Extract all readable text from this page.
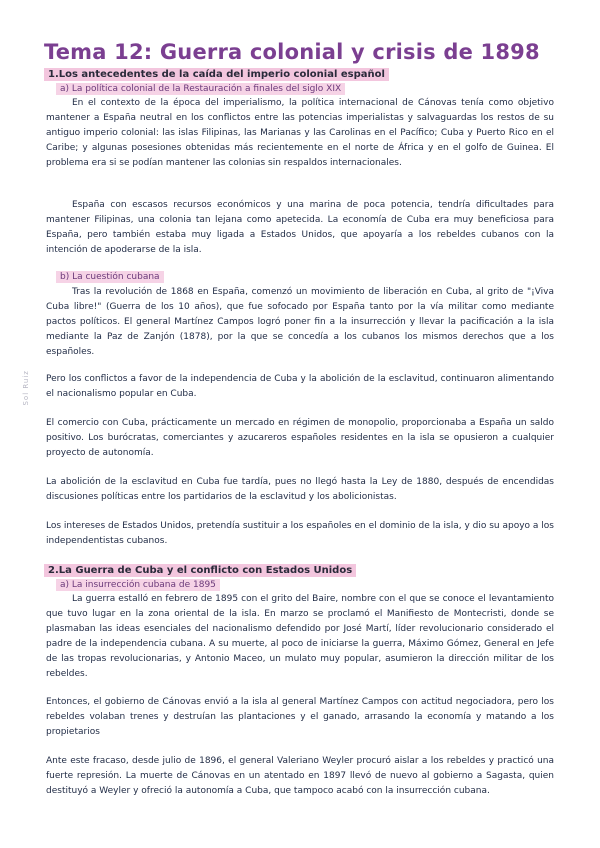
Tema 12: Guerra colonial y crisis de 1898
1.Los antecedentes de la caída del imperio colonial español
a) La política colonial de la Restauración a finales del siglo XIX

En el contexto de la época del imperialismo, la política internacional de Cánovas tenía como objetivo mantener a España neutral en los conflictos entre las potencias imperialistas y salvaguardas los restos de su antiguo imperio colonial: las islas Filipinas, las Marianas y las Carolinas en el Pacífico; Cuba y Puerto Rico en el Caribe; y algunas posesiones obtenidas más recientemente en el norte de África y en el golfo de Guinea. El problema era si se podían mantener las colonias sin respaldos internacionales.

España con escasos recursos económicos y una marina de poca potencia, tendría dificultades para mantener Filipinas, una colonia tan lejana como apetecida. La economía de Cuba era muy beneficiosa para España, pero también estaba muy ligada a Estados Unidos, que apoyaría a los rebeldes cubanos con la intención de apoderarse de la isla.

b) La cuestión cubana

Tras la revolución de 1868 en España, comenzó un movimiento de liberación en Cuba, al grito de "¡Viva Cuba libre!" (Guerra de los 10 años), que fue sofocado por España tanto por la vía militar como mediante pactos políticos. El general Martínez Campos logró poner fin a la insurrección y llevar la pacificación a la isla mediante la Paz de Zanjón (1878), por la que se concedía a los cubanos los mismos derechos que a los españoles.

Pero los conflictos a favor de la independencia de Cuba y la abolición de la esclavitud, continuaron alimentando el nacionalismo popular en Cuba.

El comercio con Cuba, prácticamente un mercado en régimen de monopolio, proporcionaba a España un saldo positivo. Los burócratas, comerciantes y azucareros españoles residentes en la isla se opusieron a cualquier proyecto de autonomía.

La abolición de la esclavitud en Cuba fue tardía, pues no llegó hasta la Ley de 1880, después de encendidas discusiones políticas entre los partidarios de la esclavitud y los abolicionistas.

Los intereses de Estados Unidos, pretendía sustituir a los españoles en el dominio de la isla, y dio su apoyo a los independentistas cubanos.

2.La Guerra de Cuba y el conflicto con Estados Unidos
a) La insurrección cubana de 1895

La guerra estalló en febrero de 1895 con el grito del Baire, nombre con el que se conoce el levantamiento que tuvo lugar en la zona oriental de la isla. En marzo se proclamó el Manifiesto de Montecristi, donde se plasmaban las ideas esenciales del nacionalismo defendido por José Martí, líder revolucionario considerado el padre de la independencia cubana. A su muerte, al poco de iniciarse la guerra, Máximo Gómez, General en Jefe de las tropas revolucionarias, y Antonio Maceo, un mulato muy popular, asumieron la dirección militar de los rebeldes.

Entonces, el gobierno de Cánovas envió a la isla al general Martínez Campos con actitud negociadora, pero los rebeldes volaban trenes y destruían las plantaciones y el ganado, arrasando la economía y matando a los propietarios

Ante este fracaso, desde julio de 1896, el general Valeriano Weyler procuró aislar a los rebeldes y practicó una fuerte represión. La muerte de Cánovas en un atentado en 1897 llevó de nuevo al gobierno a Sagasta, quien destituyó a Weyler y ofreció la autonomía a Cuba, que tampoco acabó con la insurrección cubana.

Sol Ruiz
